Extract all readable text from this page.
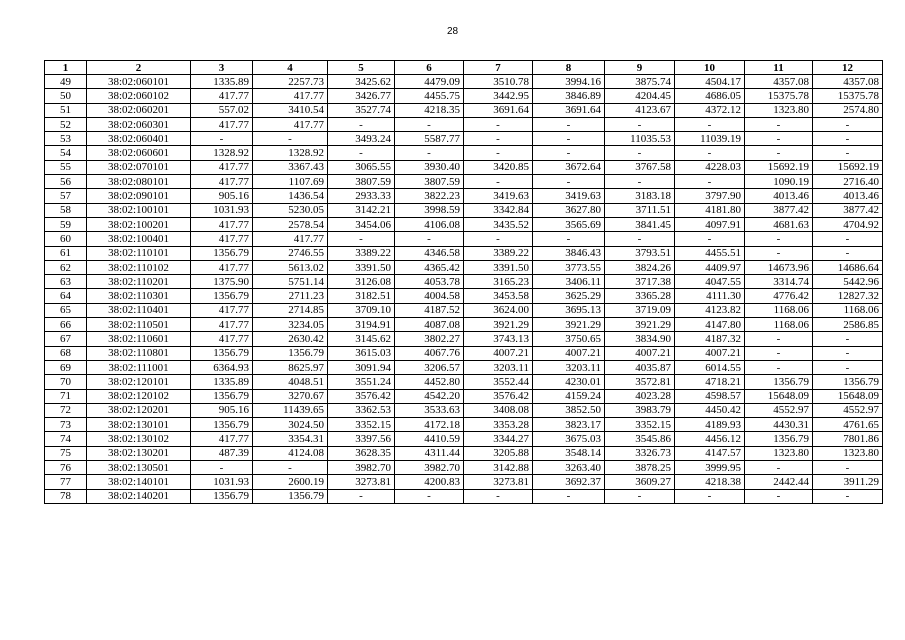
28
1	2	3	4	5	6	7	8	9	10	11	12
49	38:02:060101	1335.89	2257.73	3425.62	4479.09	3510.78	3994.16	3875.74	4504.17	4357.08	4357.08
50	38:02:060102	417.77	417.77	3426.77	4455.75	3442.95	3846.89	4204.45	4686.05	15375.78	15375.78
51	38:02:060201	557.02	3410.54	3527.74	4218.35	3691.64	3691.64	4123.67	4372.12	1323.80	2574.80
52	38:02:060301	417.77	417.77	-	-	-	-	-	-	-	-
53	38:02:060401	-	-	3493.24	5587.77	-	-	11035.53	11039.19	-	-
54	38:02:060601	1328.92	1328.92	-	-	-	-	-	-	-	-
55	38:02:070101	417.77	3367.43	3065.55	3930.40	3420.85	3672.64	3767.58	4228.03	15692.19	15692.19
56	38:02:080101	417.77	1107.69	3807.59	3807.59	-	-	-	-	1090.19	2716.40
57	38:02:090101	905.16	1436.54	2933.33	3822.23	3419.63	3419.63	3183.18	3797.90	4013.46	4013.46
58	38:02:100101	1031.93	5230.05	3142.21	3998.59	3342.84	3627.80	3711.51	4181.80	3877.42	3877.42
59	38:02:100201	417.77	2578.54	3454.06	4106.08	3435.52	3565.69	3841.45	4097.91	4681.63	4704.92
60	38:02:100401	417.77	417.77	-	-	-	-	-	-	-	-
61	38:02:110101	1356.79	2746.55	3389.22	4346.58	3389.22	3846.43	3793.51	4455.51	-	-
62	38:02:110102	417.77	5613.02	3391.50	4365.42	3391.50	3773.55	3824.26	4409.97	14673.96	14686.64
63	38:02:110201	1375.90	5751.14	3126.08	4053.78	3165.23	3406.11	3717.38	4047.55	3314.74	5442.96
64	38:02:110301	1356.79	2711.23	3182.51	4004.58	3453.58	3625.29	3365.28	4111.30	4776.42	12827.32
65	38:02:110401	417.77	2714.85	3709.10	4187.52	3624.00	3695.13	3719.09	4123.82	1168.06	1168.06
66	38:02:110501	417.77	3234.05	3194.91	4087.08	3921.29	3921.29	3921.29	4147.80	1168.06	2586.85
67	38:02:110601	417.77	2630.42	3145.62	3802.27	3743.13	3750.65	3834.90	4187.32	-	-
68	38:02:110801	1356.79	1356.79	3615.03	4067.76	4007.21	4007.21	4007.21	4007.21	-	-
69	38:02:111001	6364.93	8625.97	3091.94	3206.57	3203.11	3203.11	4035.87	6014.55	-	-
70	38:02:120101	1335.89	4048.51	3551.24	4452.80	3552.44	4230.01	3572.81	4718.21	1356.79	1356.79
71	38:02:120102	1356.79	3270.67	3576.42	4542.20	3576.42	4159.24	4023.28	4598.57	15648.09	15648.09
72	38:02:120201	905.16	11439.65	3362.53	3533.63	3408.08	3852.50	3983.79	4450.42	4552.97	4552.97
73	38:02:130101	1356.79	3024.50	3352.15	4172.18	3353.28	3823.17	3352.15	4189.93	4430.31	4761.65
74	38:02:130102	417.77	3354.31	3397.56	4410.59	3344.27	3675.03	3545.86	4456.12	1356.79	7801.86
75	38:02:130201	487.39	4124.08	3628.35	4311.44	3205.88	3548.14	3326.73	4147.57	1323.80	1323.80
76	38:02:130501	-	-	3982.70	3982.70	3142.88	3263.40	3878.25	3999.95	-	-
77	38:02:140101	1031.93	2600.19	3273.81	4200.83	3273.81	3692.37	3609.27	4218.38	2442.44	3911.29
78	38:02:140201	1356.79	1356.79	-	-	-	-	-	-	-	-
